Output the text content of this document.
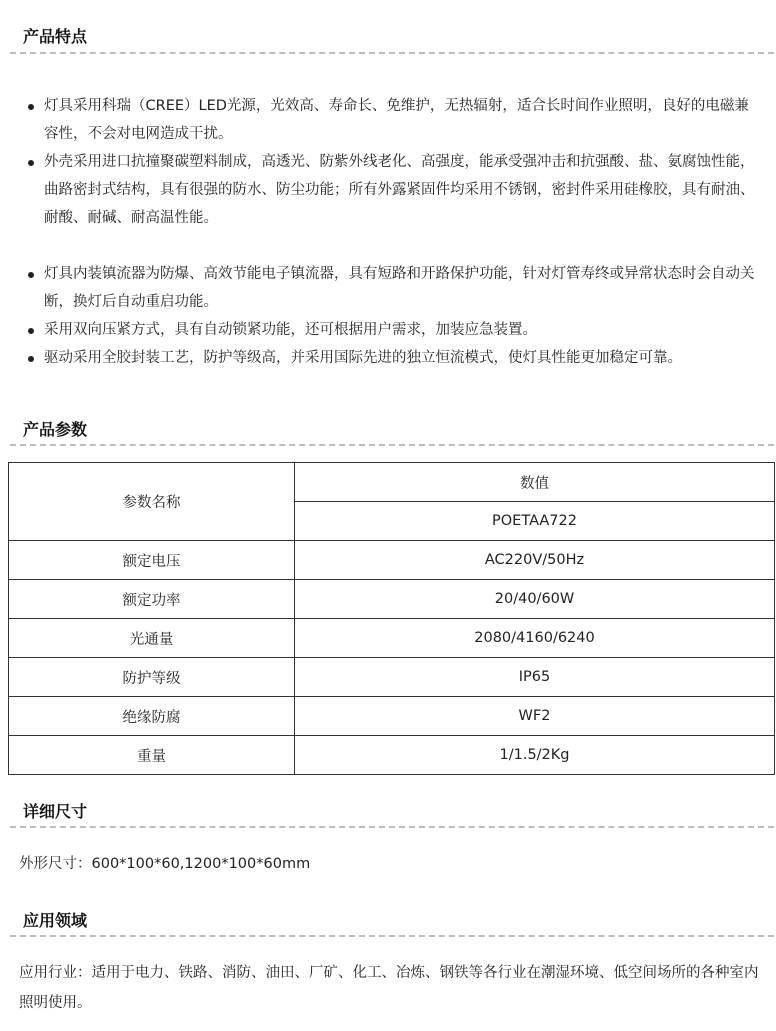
产品特点
灯具采用科瑞（CREE）LED光源，光效高、寿命长、免维护，无热辐射，适合长时间作业照明，良好的电磁兼容性，不会对电网造成干扰。
外壳采用进口抗撞聚碳塑料制成，高透光、防紫外线老化、高强度，能承受强冲击和抗强酸、盐、氨腐蚀性能，曲路密封式结构，具有很强的防水、防尘功能；所有外露紧固件均采用不锈钢，密封件采用硅橡胶，具有耐油、耐酸、耐碱、耐高温性能。
灯具内装镇流器为防爆、高效节能电子镇流器，具有短路和开路保护功能，针对灯管寿终或异常状态时会自动关断，换灯后自动重启功能。
采用双向压紧方式，具有自动锁紧功能，还可根据用户需求，加装应急装置。
驱动采用全胶封装工艺，防护等级高，并采用国际先进的独立恒流模式，使灯具性能更加稳定可靠。
产品参数
参数名称	数值
	POETAA722
额定电压	AC220V/50Hz
额定功率	20/40/60W
光通量	2080/4160/6240
防护等级	IP65
绝缘防腐	WF2
重量	1/1.5/2Kg
详细尺寸
外形尺寸：600*100*60,1200*100*60mm
应用领域
应用行业：适用于电力、铁路、消防、油田、厂矿、化工、冶炼、钢铁等各行业在潮湿环境、低空间场所的各种室内照明使用。
